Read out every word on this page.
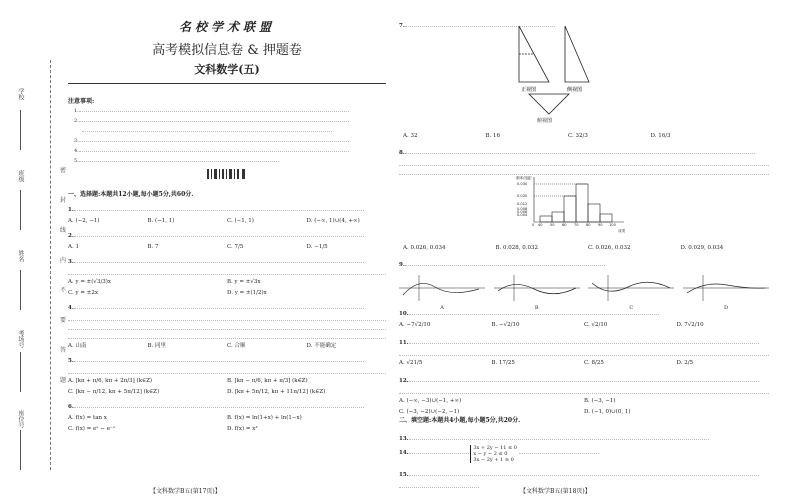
学校
班级
姓名
考场号
座位号
密
封
线
内
不
要
答
题
名校学术联盟
高考模拟信息卷 & 押题卷
文科数学(五)
注意事项:
1.
2.
3.
4.
5.
一、选择题:本题共12小题,每小题5分,共60分.
1.
A. (−2, −1)	B. (−1, 1)	C. (−1, 1)	D. (−∞, 1)∪(4, +∞)
2.
A. 1	B. 7	C. 7/5	D. −1/5
3.
A. y = ±(√3/3)x	B. y = ±√3x
C. y = ±2x	D. y = ±(1/2)x
4.
A. 山南	B. 同里	C. 合顺	D. 不能确定
5.
A. [kπ + π/6, kπ + 2π/3] (k∈Z)	B. [kπ − π/6, kπ + π/3] (k∈Z)
C. [kπ − π/12, kπ + 5π/12] (k∈Z)	D. [kπ + 5π/12, kπ + 11π/12] (k∈Z)
6.
A. f(x) = tan x	B. f(x) = ln(1+x) + ln(1−x)
C. f(x) = eˣ − e⁻ˣ	D. f(x) = x³
【文科数学B五(第17页)】
7.
正视图	侧视图
俯视图
A. 32	B. 16	C. 32/3	D. 16/3
8.
频率/组距
成绩
0.030
0.020
0.012
0.008
0.006
0.004
0 40 50 60 70 80 90 100
A. 0.026, 0.034	B. 0.028, 0.032	C. 0.026, 0.032	D. 0.029, 0.034
9.
A	B	C	D
10.
A. −7√2/10	B. −√2/10	C. √2/10	D. 7√2/10
11.
A. √21/5	B. 17/25	C. 8/25	D. 2/5
12.
A. (−∞, −3)∪(−1, +∞)	B. (−3, −1)
C. (−3, −2)∪(−2, −1)	D. (−1, 0)∪(0, 1)
二、填空题:本题共4小题,每小题5分,共20分.
13.
14.
3x + 2y − 11 ≤ 0
x − y − 2 ≤ 0
3x − 2y + 1 ≥ 0

15.
【文科数学B五(第18页)】
